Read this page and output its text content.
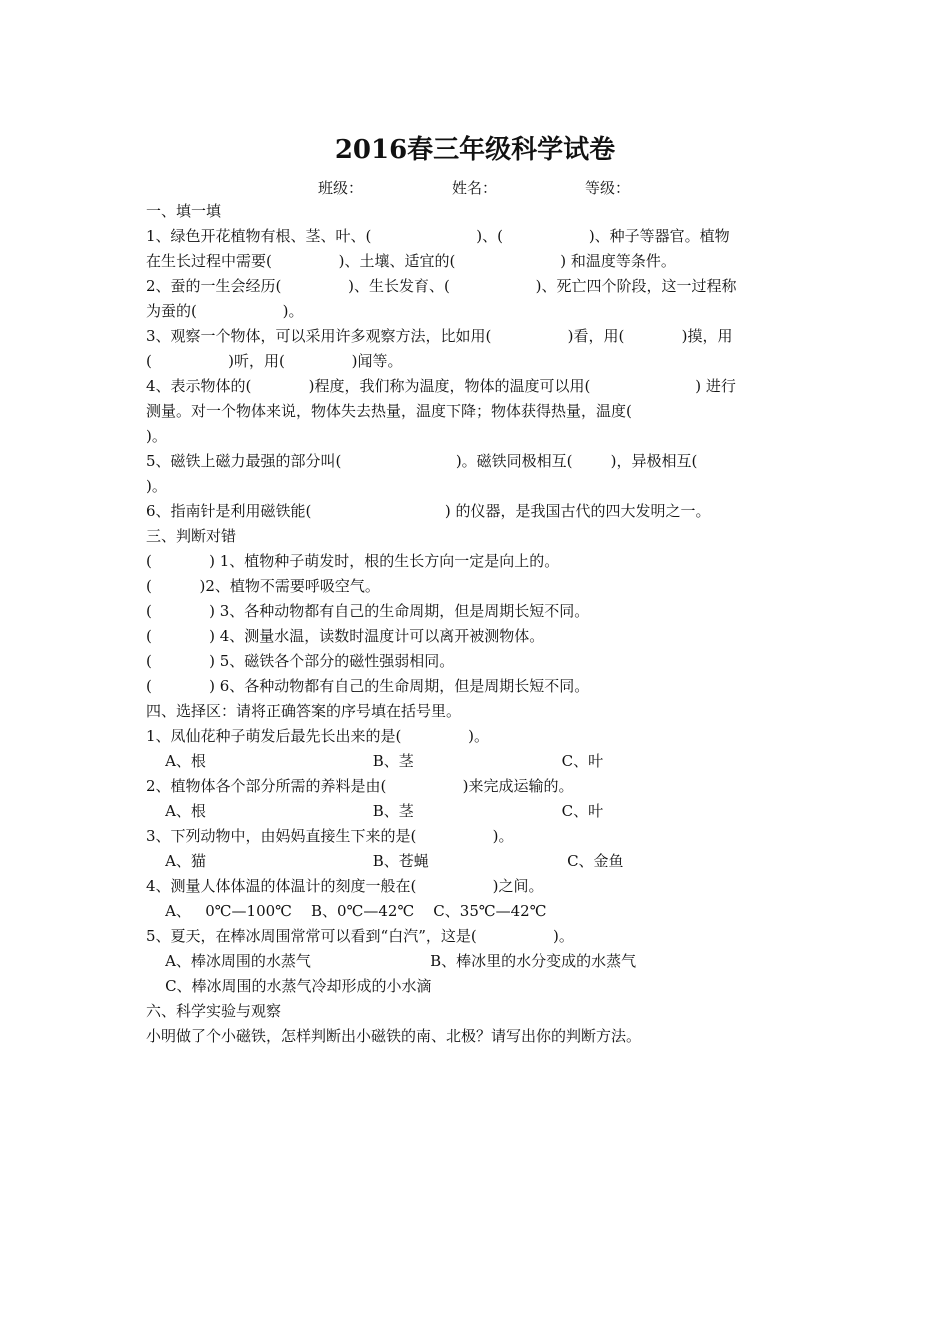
2016春三年级科学试卷
班级：	姓名：	等级：
一、填一填
1、绿色开花植物有根、茎、叶、(                      )、(                  )、种子等器官。植物
在生长过程中需要(              )、土壤、适宜的(                      ) 和温度等条件。
2、蚕的一生会经历(              )、生长发育、(                  )、死亡四个阶段，这一过程称
为蚕的(                  )。
3、观察一个物体，可以采用许多观察方法，比如用(                )看，用(            )摸，用
(                )听，用(              )闻等。
4、表示物体的(            )程度，我们称为温度，物体的温度可以用(                      ) 进行
测量。对一个物体来说，物体失去热量，温度下降；物体获得热量，温度(
)。
5、磁铁上磁力最强的部分叫(                        )。磁铁同极相互(        )，异极相互(
)。
6、指南针是利用磁铁能(                            ) 的仪器，是我国古代的四大发明之一。
三、判断对错
(            ) 1、植物种子萌发时，根的生长方向一定是向上的。
(          )2、植物不需要呼吸空气。
(            ) 3、各种动物都有自己的生命周期，但是周期长短不同。
(            ) 4、测量水温，读数时温度计可以离开被测物体。
(            ) 5、磁铁各个部分的磁性强弱相同。
(            ) 6、各种动物都有自己的生命周期，但是周期长短不同。
四、选择区：请将正确答案的序号填在括号里。
1、凤仙花种子萌发后最先长出来的是(              )。
A、根                                   B、茎                               C、叶
2、植物体各个部分所需的养料是由(                )来完成运输的。
A、根                                   B、茎                               C、叶
3、下列动物中，由妈妈直接生下来的是(                )。
A、猫                                   B、苍蝇                             C、金鱼
4、测量人体体温的体温计的刻度一般在(                )之间。
A、   0℃—100℃    B、0℃—42℃    C、35℃—42℃
5、夏天，在棒冰周围常常可以看到“白汽”，这是(                )。
A、棒冰周围的水蒸气                         B、棒冰里的水分变成的水蒸气
C、棒冰周围的水蒸气冷却形成的小水滴
六、科学实验与观察
小明做了个小磁铁，怎样判断出小磁铁的南、北极？请写出你的判断方法。
